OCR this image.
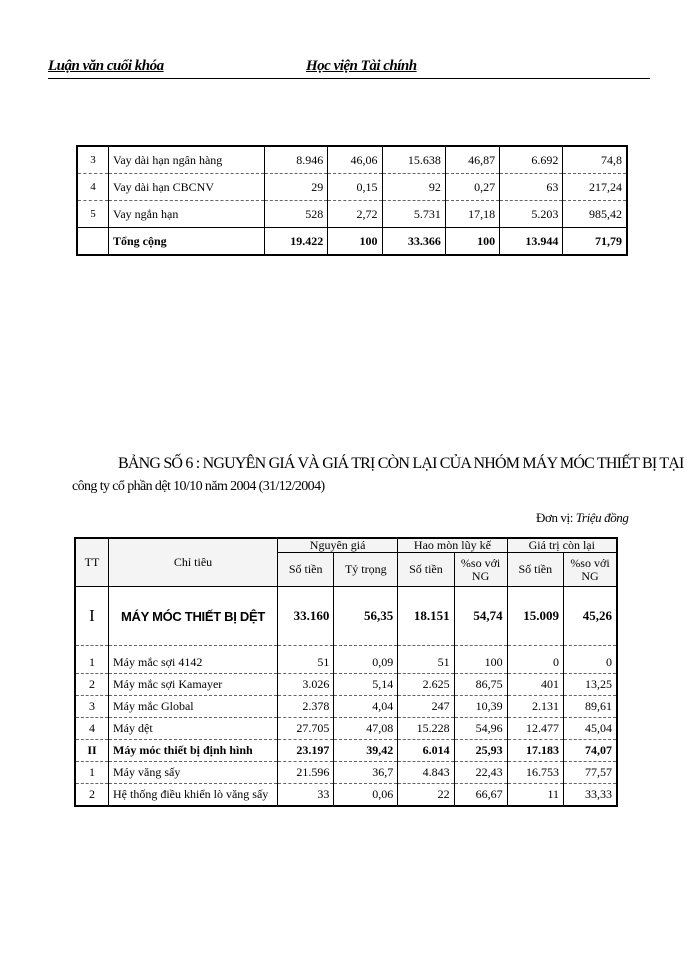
Luận văn cuối khóa	Học viện Tài chính
3	Vay dài hạn ngân hàng	8.946	46,06	15.638	46,87	6.692	74,8
4	Vay dài hạn CBCNV	29	0,15	92	0,27	63	217,24
5	Vay ngắn hạn	528	2,72	5.731	17,18	5.203	985,42
	Tổng cộng	19.422	100	33.366	100	13.944	71,79
BẢNG SỐ 6 : NGUYÊN GIÁ VÀ GIÁ TRỊ CÒN LẠI CỦA NHÓM MÁY MÓC THIẾT BỊ TẠI
công ty cổ phần dệt 10/10 năm 2004 (31/12/2004)
Đơn vị: Triệu đồng
TT	Chỉ tiêu	Nguyên giá		Hao mòn lũy kế		Giá trị còn lại	
		Số tiền	Tỷ trọng	Số tiền	%so với NG	Số tiền	%so với NG
I	MÁY MÓC THIẾT BỊ DỆT	33.160	56,35	18.151	54,74	15.009	45,26

1	Máy mắc sợi 4142	51	0,09	51	100	0	0
2	Máy mắc sợi Kamayer	3.026	5,14	2.625	86,75	401	13,25
3	Máy mắc Global	2.378	4,04	247	10,39	2.131	89,61
4	Máy dệt	27.705	47,08	15.228	54,96	12.477	45,04
II	Máy móc thiết bị định hình	23.197	39,42	6.014	25,93	17.183	74,07
1	Máy văng sấy	21.596	36,7	4.843	22,43	16.753	77,57
2	Hệ thống điều khiển lò văng sấy	33	0,06	22	66,67	11	33,33
